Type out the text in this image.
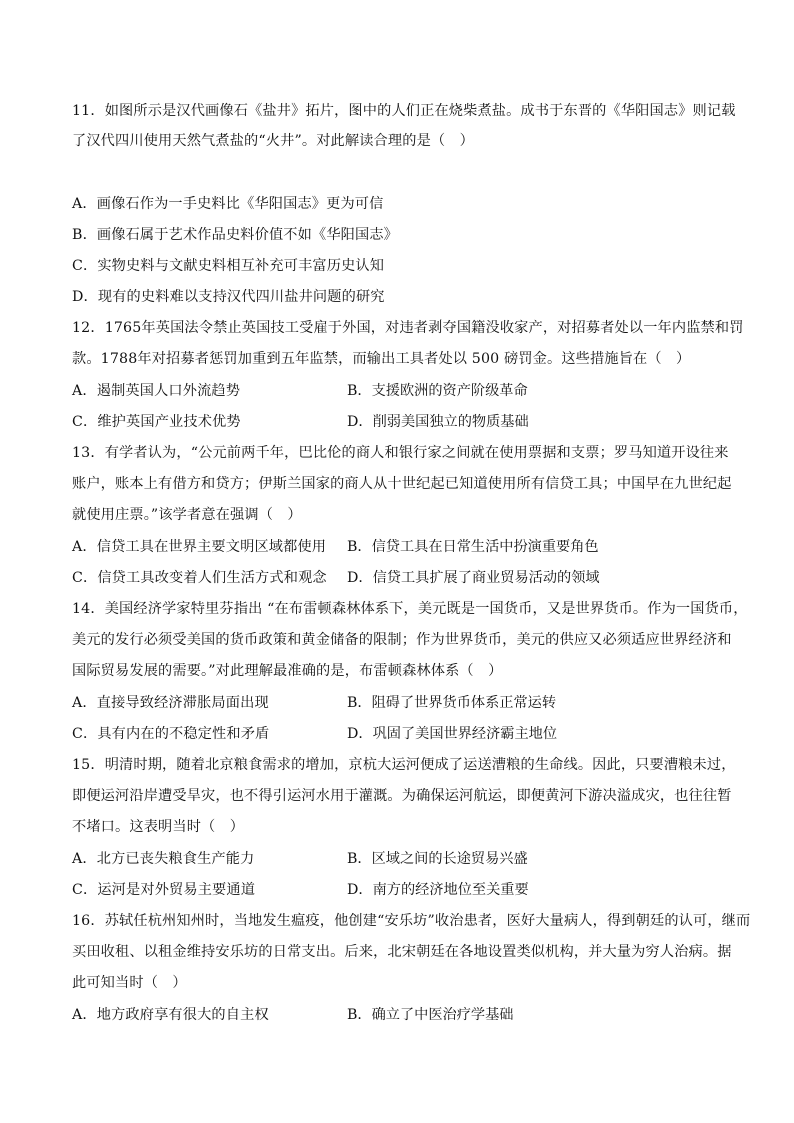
11．如图所示是汉代画像石《盐井》拓片，图中的人们正在烧柴煮盐。成书于东晋的《华阳国志》则记载
了汉代四川使用天然气煮盐的“火井”。对此解读合理的是（　）
A．画像石作为一手史料比《华阳国志》更为可信
B．画像石属于艺术作品史料价值不如《华阳国志》
C．实物史料与文献史料相互补充可丰富历史认知
D．现有的史料难以支持汉代四川盐井问题的研究
12．1765年英国法令禁止英国技工受雇于外国，对违者剥夺国籍没收家产，对招募者处以一年内监禁和罚
款。1788年对招募者惩罚加重到五年监禁，而输出工具者处以 500 磅罚金。这些措施旨在（　）
A．遏制英国人口外流趋势	B．支援欧洲的资产阶级革命
C．维护英国产业技术优势	D．削弱美国独立的物质基础
13．有学者认为，“公元前两千年，巴比伦的商人和银行家之间就在使用票据和支票；罗马知道开设往来
账户，账本上有借方和贷方；伊斯兰国家的商人从十世纪起已知道使用所有信贷工具；中国早在九世纪起
就使用庄票。”该学者意在强调（　）
A．信贷工具在世界主要文明区域都使用	B．信贷工具在日常生活中扮演重要角色
C．信贷工具改变着人们生活方式和观念	D．信贷工具扩展了商业贸易活动的领域
14．美国经济学家特里芬指出 “在布雷顿森林体系下，美元既是一国货币，又是世界货币。作为一国货币，
美元的发行必须受美国的货币政策和黄金储备的限制；作为世界货币，美元的供应又必须适应世界经济和
国际贸易发展的需要。”对此理解最准确的是，布雷顿森林体系（　）
A．直接导致经济滞胀局面出现	B．阻碍了世界货币体系正常运转
C．具有内在的不稳定性和矛盾	D．巩固了美国世界经济霸主地位
15．明清时期，随着北京粮食需求的增加，京杭大运河便成了运送漕粮的生命线。因此，只要漕粮未过，
即便运河沿岸遭受旱灾，也不得引运河水用于灌溉。为确保运河航运，即便黄河下游决溢成灾，也往往暂
不堵口。这表明当时（　）
A．北方已丧失粮食生产能力	B．区域之间的长途贸易兴盛
C．运河是对外贸易主要通道	D．南方的经济地位至关重要
16．苏轼任杭州知州时，当地发生瘟疫，他创建“安乐坊”收治患者，医好大量病人，得到朝廷的认可，继而
买田收租、以租金维持安乐坊的日常支出。后来，北宋朝廷在各地设置类似机构，并大量为穷人治病。据
此可知当时（　）
A．地方政府享有很大的自主权	B．确立了中医治疗学基础
